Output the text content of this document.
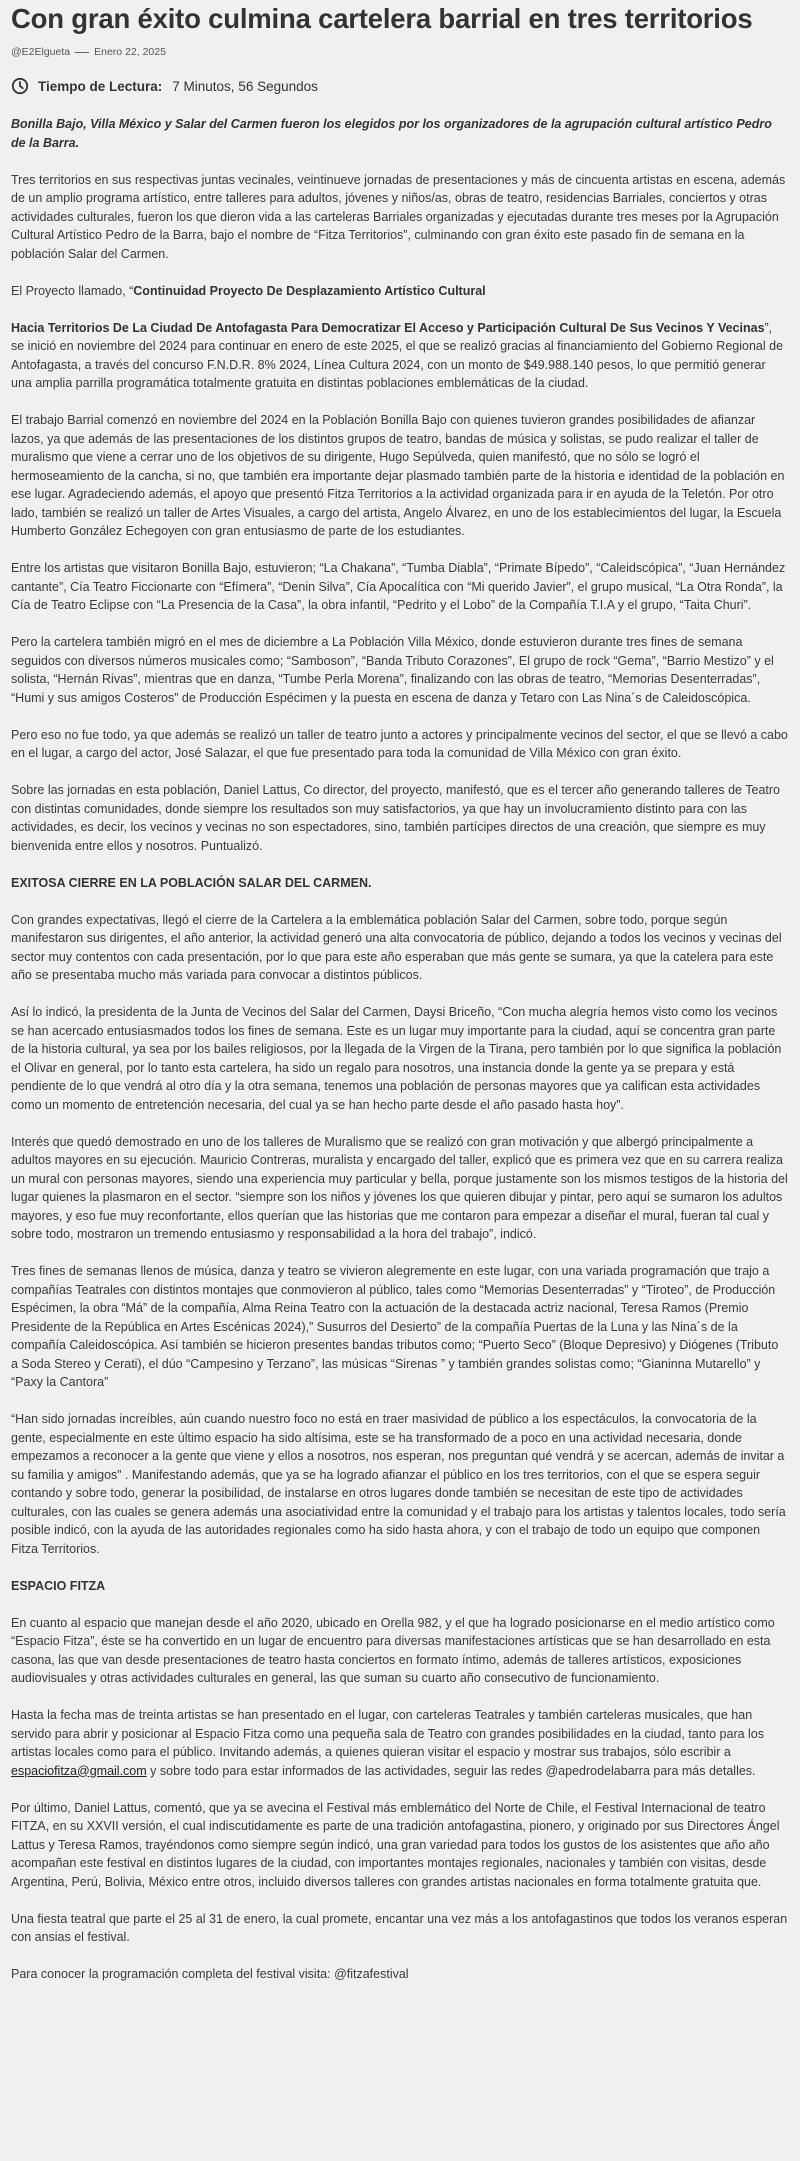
Con gran éxito culmina cartelera barrial en tres territorios
@E2Elgueta Enero 22, 2025
Tiempo de Lectura: 7 Minutos, 56 Segundos

Bonilla Bajo, Villa México y Salar del Carmen fueron los elegidos por los organizadores de la agrupación cultural artístico Pedro de la Barra.

Tres territorios en sus respectivas juntas vecinales, veintinueve jornadas de presentaciones y más de cincuenta artistas en escena, además de un amplio programa artístico, entre talleres para adultos, jóvenes y niños/as, obras de teatro, residencias Barriales, conciertos y otras actividades culturales, fueron los que dieron vida a las carteleras Barriales organizadas y ejecutadas durante tres meses por la Agrupación Cultural Artístico Pedro de la Barra, bajo el nombre de “Fitza Territorios”, culminando con gran éxito este pasado fin de semana en la población Salar del Carmen.

El Proyecto llamado, “Continuidad Proyecto De Desplazamiento Artístico Cultural

Hacia Territorios De La Ciudad De Antofagasta Para Democratizar El Acceso y Participación Cultural De Sus Vecinos Y Vecinas”, se inició en noviembre del 2024 para continuar en enero de este 2025, el que se realizó gracias al financiamiento del Gobierno Regional de Antofagasta, a través del concurso F.N.D.R. 8% 2024, Línea Cultura 2024, con un monto de $49.988.140 pesos, lo que permitió generar una amplia parrilla programática totalmente gratuita en distintas poblaciones emblemáticas de la ciudad.

El trabajo Barrial comenzó en noviembre del 2024 en la Población Bonilla Bajo con quienes tuvieron grandes posibilidades de afianzar lazos, ya que además de las presentaciones de los distintos grupos de teatro, bandas de música y solistas, se pudo realizar el taller de muralismo que viene a cerrar uno de los objetivos de su dirigente, Hugo Sepúlveda, quien manifestó, que no sólo se logró el hermoseamiento de la cancha, si no, que también era importante dejar plasmado también parte de la historia e identidad de la población en ese lugar. Agradeciendo además, el apoyo que presentó Fitza Territorios a la actividad organizada para ir en ayuda de la Teletón. Por otro lado, también se realizó un taller de Artes Visuales, a cargo del artista, Angelo Álvarez, en uno de los establecimientos del lugar, la Escuela Humberto González Echegoyen con gran entusiasmo de parte de los estudiantes.

Entre los artistas que visitaron Bonilla Bajo, estuvieron; “La Chakana”, “Tumba Diabla”, “Primate Bípedo”, “Caleidscópica”, “Juan Hernández cantante”, Cía Teatro Ficcionarte con “Efímera”, “Denin Silva”, Cía Apocalítica con “Mi querido Javier”, el grupo musical, “La Otra Ronda”, la Cía de Teatro Eclipse con “La Presencia de la Casa”, la obra infantil, “Pedrito y el Lobo” de la Compañía T.I.A y el grupo, “Taita Churi”.

Pero la cartelera también migró en el mes de diciembre a La Población Villa México, donde estuvieron durante tres fines de semana seguidos con diversos números musicales como; “Samboson”, “Banda Tributo Corazones”, El grupo de rock “Gema”, “Barrio Mestizo” y el solista, “Hernán Rivas”, mientras que en danza, “Tumbe Perla Morena”, finalizando con las obras de teatro, “Memorias Desenterradas”, “Humi y sus amigos Costeros” de Producción Espécimen y la puesta en escena de danza y Tetaro con Las Nina´s de Caleidoscópica.

Pero eso no fue todo, ya que además se realizó un taller de teatro junto a actores y principalmente vecinos del sector, el que se llevó a cabo en el lugar, a cargo del actor, José Salazar, el que fue presentado para toda la comunidad de Villa México con gran éxito.

Sobre las jornadas en esta población, Daniel Lattus, Co director, del proyecto, manifestó, que es el tercer año generando talleres de Teatro con distintas comunidades, donde siempre los resultados son muy satisfactorios, ya que hay un involucramiento distinto para con las actividades, es decir, los vecinos y vecinas no son espectadores, sino, también partícipes directos de una creación, que siempre es muy bienvenida entre ellos y nosotros. Puntualizó.

EXITOSA CIERRE EN LA POBLACIÓN SALAR DEL CARMEN.

Con grandes expectativas, llegó el cierre de la Cartelera a la emblemática población Salar del Carmen, sobre todo, porque según manifestaron sus dirigentes, el año anterior, la actividad generó una alta convocatoria de público, dejando a todos los vecinos y vecinas del sector muy contentos con cada presentación, por lo que para este año esperaban que más gente se sumara, ya que la catelera para este año se presentaba mucho más variada para convocar a distintos públicos.

Así lo indicó, la presidenta de la Junta de Vecinos del Salar del Carmen, Daysi Briceño, “Con mucha alegría hemos visto como los vecinos se han acercado entusiasmados todos los fines de semana. Este es un lugar muy importante para la ciudad, aquí se concentra gran parte de la historia cultural, ya sea por los bailes religiosos, por la llegada de la Virgen de la Tirana, pero también por lo que significa la población el Olivar en general, por lo tanto esta cartelera, ha sido un regalo para nosotros, una instancia donde la gente ya se prepara y está pendiente de lo que vendrá al otro día y la otra semana, tenemos una población de personas mayores que ya califican esta actividades como un momento de entretención necesaria, del cual ya se han hecho parte desde el año pasado hasta hoy”.

Interés que quedó demostrado en uno de los talleres de Muralismo que se realizó con gran motivación y que albergó principalmente a adultos mayores en su ejecución. Mauricio Contreras, muralista y encargado del taller, explicó que es primera vez que en su carrera realiza un mural con personas mayores, siendo una experiencia muy particular y bella, porque justamente son los mismos testigos de la historia del lugar quienes la plasmaron en el sector. “siempre son los niños y jóvenes los que quieren dibujar y pintar, pero aquí se sumaron los adultos mayores, y eso fue muy reconfortante, ellos querían que las historias que me contaron para empezar a diseñar el mural, fueran tal cual y sobre todo, mostraron un tremendo entusiasmo y responsabilidad a la hora del trabajo”, indicó.

Tres fines de semanas llenos de música, danza y teatro se vivieron alegremente en este lugar, con una variada programación que trajo a compañías Teatrales con distintos montajes que conmovieron al público, tales como “Memorias Desenterradas” y “Tiroteo”, de Producción Espécimen, la obra “Má” de la compañía, Alma Reina Teatro con la actuación de la destacada actriz nacional, Teresa Ramos (Premio Presidente de la República en Artes Escénicas 2024),” Susurros del Desierto” de la compañía Puertas de la Luna y las Nina´s de la compañía Caleidoscópica. Así también se hicieron presentes bandas tributos como; “Puerto Seco” (Bloque Depresivo) y Diógenes (Tributo a Soda Stereo y Cerati), el dúo “Campesino y Terzano”, las músicas “Sirenas ” y también grandes solistas como; “Gianinna Mutarello” y “Paxy la Cantora”

“Han sido jornadas increíbles, aún cuando nuestro foco no está en traer masividad de público a los espectáculos, la convocatoria de la gente, especialmente en este último espacio ha sido altísima, este se ha transformado de a poco en una actividad necesaria, donde empezamos a reconocer a la gente que viene y ellos a nosotros, nos esperan, nos preguntan qué vendrá y se acercan, además de invitar a su familia y amigos” . Manifestando además, que ya se ha logrado afianzar el público en los tres territorios, con el que se espera seguir contando y sobre todo, generar la posibilidad, de instalarse en otros lugares donde también se necesitan de este tipo de actividades culturales, con las cuales se genera además una asociatividad entre la comunidad y el trabajo para los artistas y talentos locales, todo sería posible indicó, con la ayuda de las autoridades regionales como ha sido hasta ahora, y con el trabajo de todo un equipo que componen Fitza Territorios.

ESPACIO FITZA

En cuanto al espacio que manejan desde el año 2020, ubicado en Orella 982, y el que ha logrado posicionarse en el medio artístico como “Espacio Fitza”, éste se ha convertido en un lugar de encuentro para diversas manifestaciones artísticas que se han desarrollado en esta casona, las que van desde presentaciones de teatro hasta conciertos en formato íntimo, además de talleres artísticos, exposiciones audiovisuales y otras actividades culturales en general, las que suman su cuarto año consecutivo de funcionamiento.

Hasta la fecha mas de treinta artistas se han presentado en el lugar, con carteleras Teatrales y también carteleras musicales, que han servido para abrir y posicionar al Espacio Fitza como una pequeña sala de Teatro con grandes posibilidades en la ciudad, tanto para los artistas locales como para el público. Invitando además, a quienes quieran visitar el espacio y mostrar sus trabajos, sólo escribir a espaciofitza@gmail.com y sobre todo para estar informados de las actividades, seguir las redes @apedrodelabarra para más detalles.

Por último, Daniel Lattus, comentó, que ya se avecina el Festival más emblemático del Norte de Chile, el Festival Internacional de teatro FITZA, en su XXVII versión, el cual indiscutidamente es parte de una tradición antofagastina, pionero, y originado por sus Directores Ángel Lattus y Teresa Ramos, trayéndonos como siempre según indicó, una gran variedad para todos los gustos de los asistentes que año año acompañan este festival en distintos lugares de la ciudad, con importantes montajes regionales, nacionales y también con visitas, desde Argentina, Perú, Bolivia, México entre otros, incluido diversos talleres con grandes artistas nacionales en forma totalmente gratuita que.

Una fiesta teatral que parte el 25 al 31 de enero, la cual promete, encantar una vez más a los antofagastinos que todos los veranos esperan con ansias el festival.

Para conocer la programación completa del festival visita: @fitzafestival
